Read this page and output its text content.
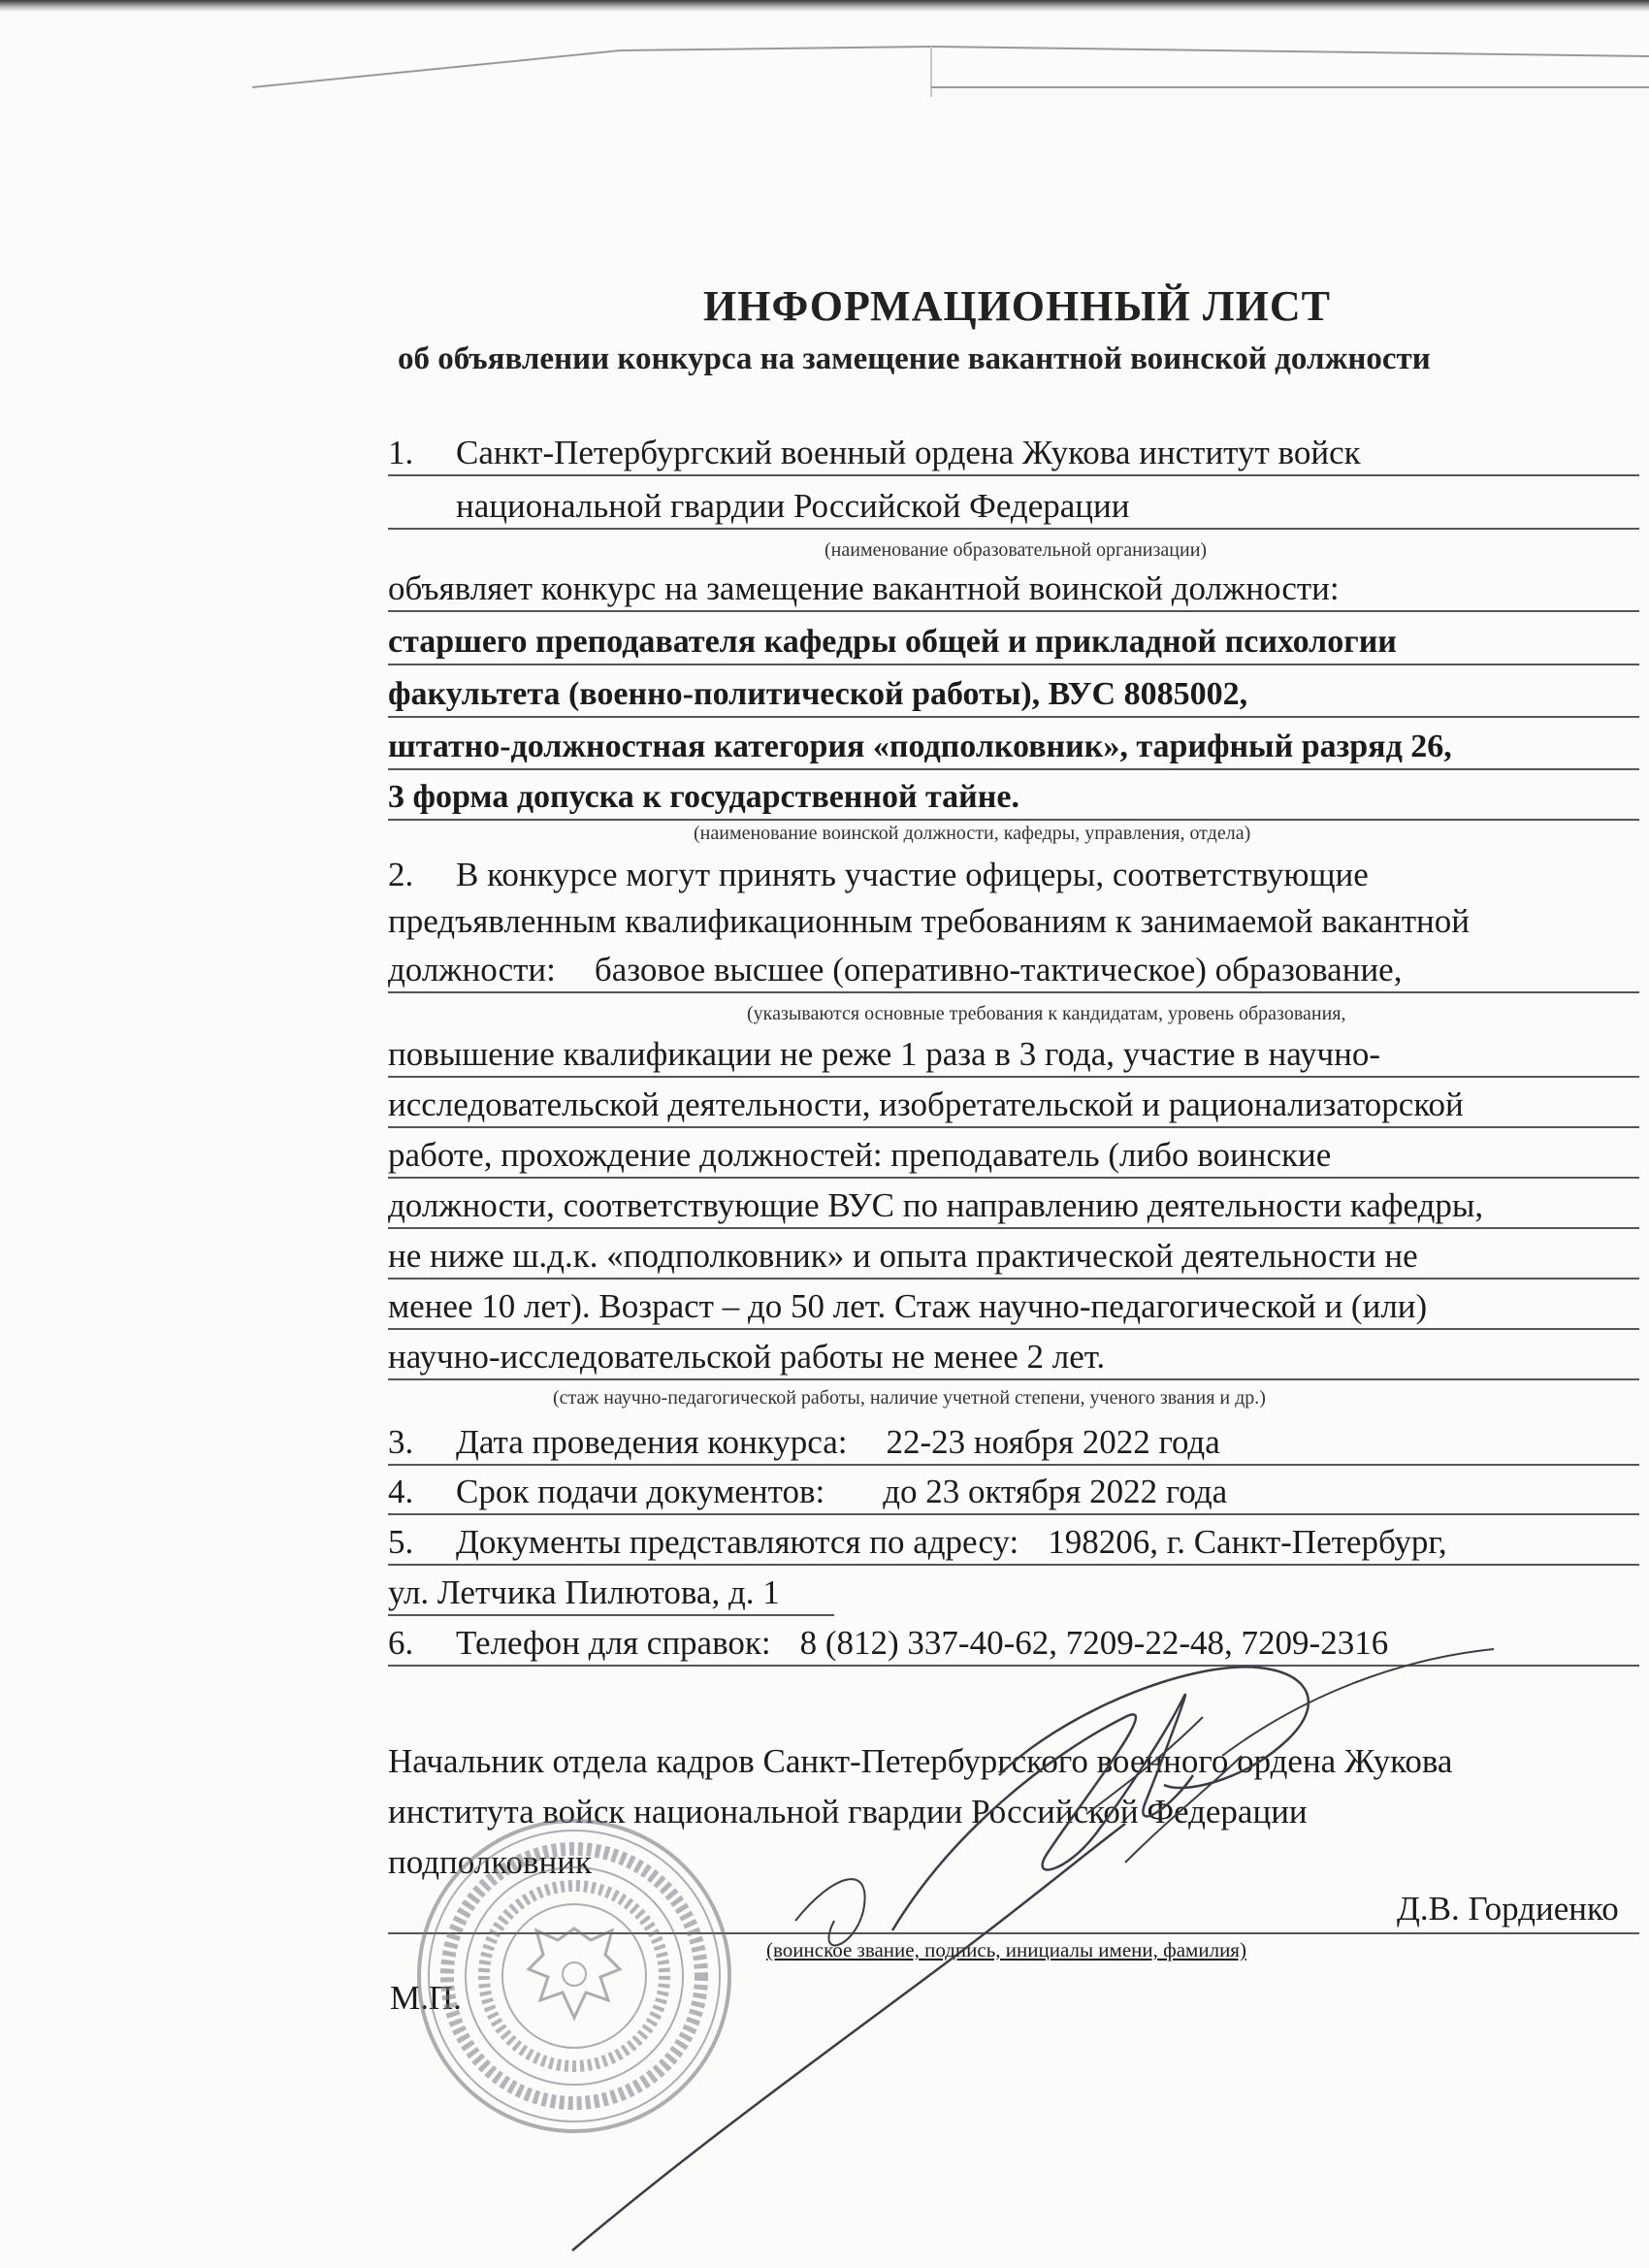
ИНФОРМАЦИОННЫЙ ЛИСТ
об объявлении конкурса на замещение вакантной воинской должности
1. Санкт-Петербургский военный ордена Жукова институт войск
национальной гвардии Российской Федерации
(наименование образовательной организации)
объявляет конкурс на замещение вакантной воинской должности:
старшего преподавателя кафедры общей и прикладной психологии
факультета (военно-политической работы), ВУС 8085002,
штатно-должностная категория «подполковник», тарифный разряд 26,
3 форма допуска к государственной тайне.
(наименование воинской должности, кафедры, управления, отдела)
2. В конкурсе могут принять участие офицеры, соответствующие
предъявленным квалификационным требованиям к занимаемой вакантной
должности: базовое высшее (оперативно-тактическое) образование,
(указываются основные требования к кандидатам, уровень образования,
повышение квалификации не реже 1 раза в 3 года, участие в научно-
исследовательской деятельности, изобретательской и рационализаторской
работе, прохождение должностей: преподаватель (либо воинские
должности, соответствующие ВУС по направлению деятельности кафедры,
не ниже ш.д.к. «подполковник» и опыта практической деятельности не
менее 10 лет). Возраст – до 50 лет. Стаж научно-педагогической и (или)
научно-исследовательской работы не менее 2 лет.
(стаж научно-педагогической работы, наличие учетной степени, ученого звания и др.)
3. Дата проведения конкурса: 22-23 ноября 2022 года
4. Срок подачи документов: до 23 октября 2022 года
5. Документы представляются по адресу: 198206, г. Санкт-Петербург,
ул. Летчика Пилютова, д. 1
6. Телефон для справок: 8 (812) 337-40-62, 7209-22-48, 7209-2316
Начальник отдела кадров Санкт-Петербургского военного ордена Жукова
института войск национальной гвардии Российской Федерации
подполковник
Д.В. Гордиенко
(воинское звание, подпись, инициалы имени, фамилия)
М.П.
